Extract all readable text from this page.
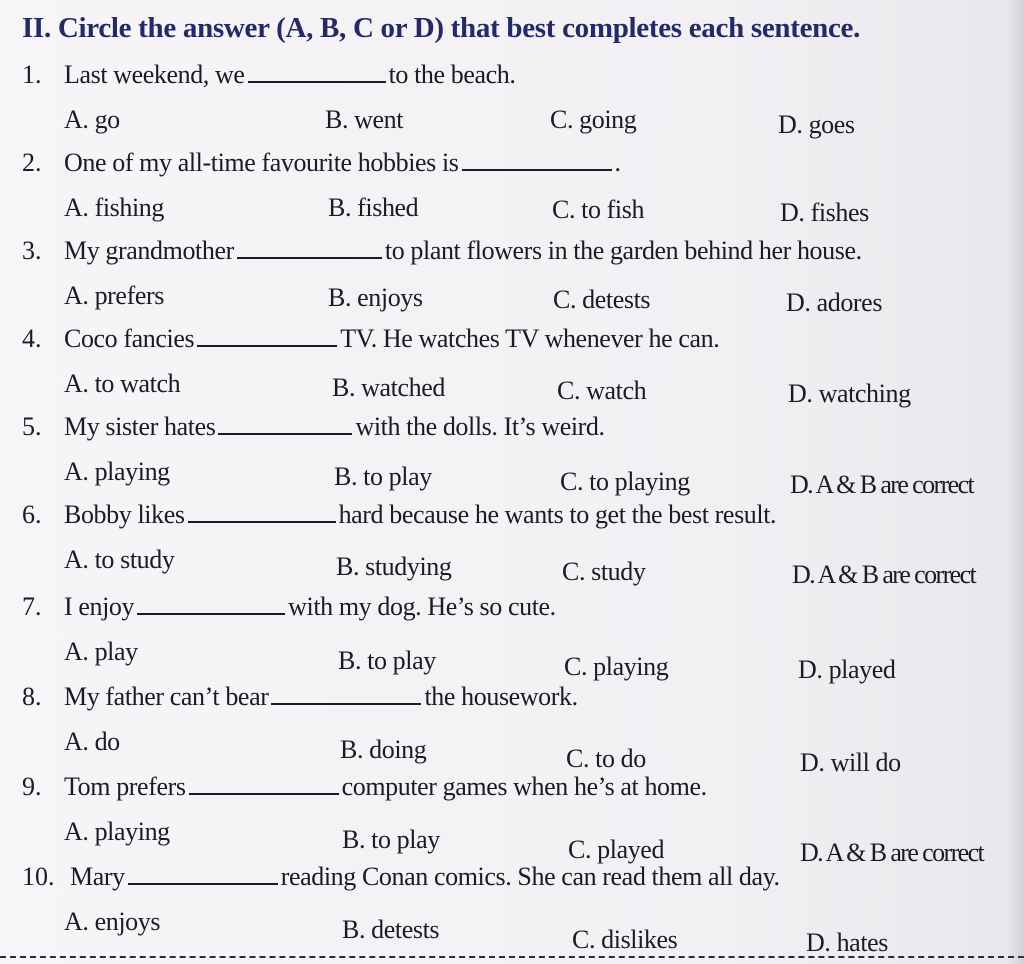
II. Circle the answer (A, B, C or D) that best completes each sentence.
1. Last weekend, we	to the beach.
A. go	B. went	C. going	D. goes
2. One of my all-time favourite hobbies is	.
A. fishing	B. fished	C. to fish	D. fishes
3. My grandmother	to plant flowers in the garden behind her house.
A. prefers	B. enjoys	C. detests	D. adores
4. Coco fancies	TV. He watches TV whenever he can.
A. to watch	B. watched	C. watch	D. watching
5. My sister hates	with the dolls. It’s weird.
A. playing	B. to play	C. to playing	D. A & B are correct
6. Bobby likes	hard because he wants to get the best result.
A. to study	B. studying	C. study	D. A & B are correct
7. I enjoy	with my dog. He’s so cute.
A. play	B. to play	C. playing	D. played
8. My father can’t bear	the housework.
A. do	B. doing	C. to do	D. will do
9. Tom prefers	computer games when he’s at home.
A. playing	B. to play	C. played	D. A & B are correct
10. Mary	reading Conan comics. She can read them all day.
A. enjoys	B. detests	C. dislikes	D. hates
